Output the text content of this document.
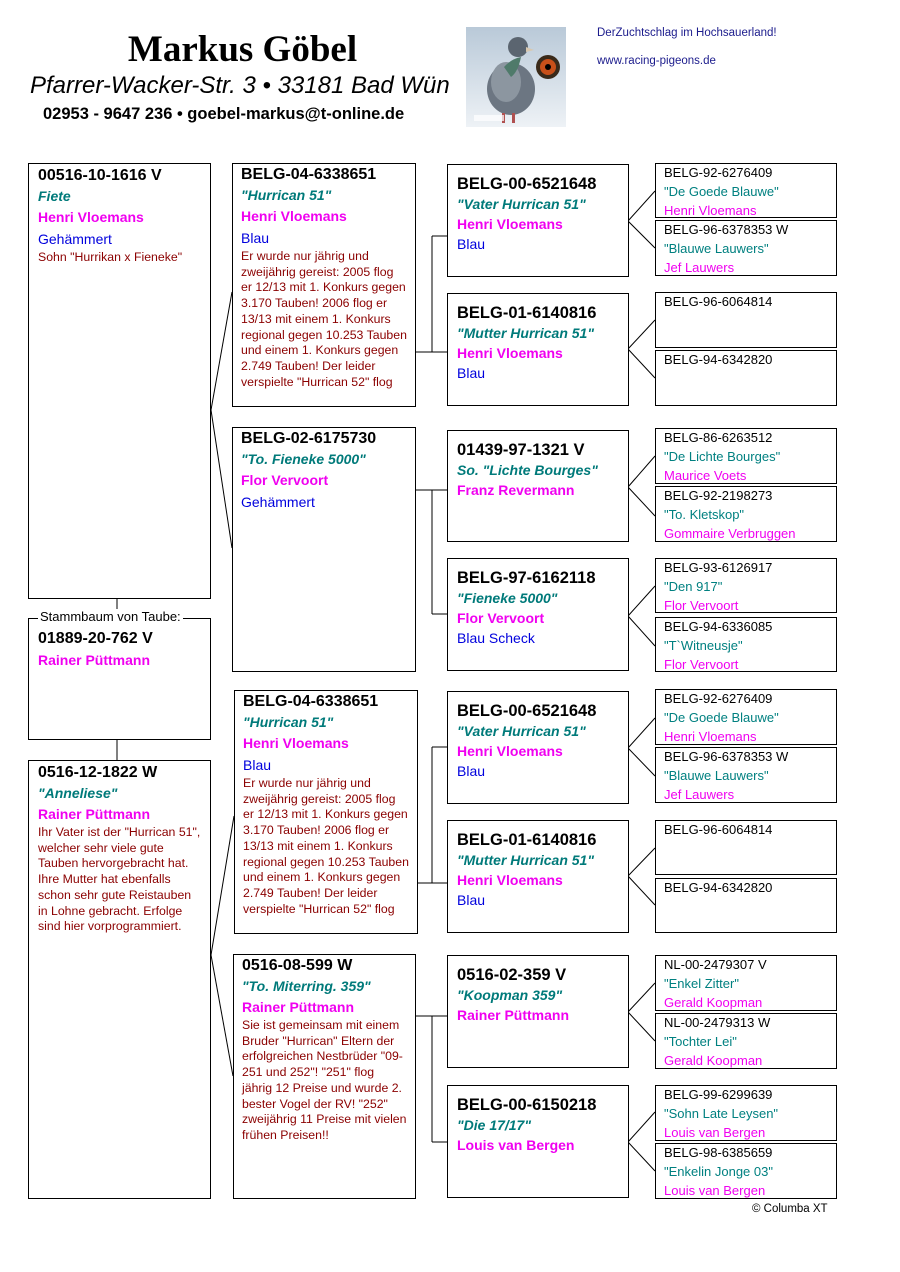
Markus Göbel
Pfarrer-Wacker-Str. 3 • 33181 Bad Wün
02953 - 9647 236 • goebel-markus@t-online.de
DerZuchtschlag im Hochsauerland!
www.racing-pigeons.de
00516-10-1616 V
Fiete
Henri Vloemans
Gehämmert
Sohn "Hurrikan x Fieneke"
Stammbaum von Taube:
01889-20-762 V
Rainer Püttmann
0516-12-1822 W
"Anneliese"
Rainer Püttmann
Ihr Vater ist der "Hurrican 51", welcher sehr viele gute Tauben hervorgebracht hat. Ihre Mutter hat ebenfalls schon sehr gute Reistauben in Lohne gebracht. Erfolge sind hier vorprogrammiert.
BELG-04-6338651
"Hurrican 51"
Henri Vloemans
Blau
Er wurde nur jährig und zweijährig gereist: 2005 flog er 12/13 mit 1. Konkurs gegen 3.170 Tauben! 2006 flog er 13/13 mit einem 1. Konkurs regional gegen 10.253 Tauben und einem 1. Konkurs gegen 2.749 Tauben! Der leider verspielte "Hurrican 52" flog
BELG-02-6175730
"To. Fieneke 5000"
Flor Vervoort
Gehämmert
BELG-04-6338651
"Hurrican 51"
Henri Vloemans
Blau
Er wurde nur jährig und zweijährig gereist: 2005 flog er 12/13 mit 1. Konkurs gegen 3.170 Tauben! 2006 flog er 13/13 mit einem 1. Konkurs regional gegen 10.253 Tauben und einem 1. Konkurs gegen 2.749 Tauben! Der leider verspielte "Hurrican 52" flog
0516-08-599 W
"To. Miterring. 359"
Rainer Püttmann
Sie ist gemeinsam mit einem Bruder "Hurrican" Eltern der erfolgreichen Nestbrüder "09-251 und 252"! "251" flog jährig 12 Preise und wurde 2. bester Vogel der RV! "252" zweijährig 11 Preise mit vielen frühen Preisen!!
BELG-00-6521648
"Vater Hurrican 51"
Henri Vloemans
Blau
BELG-01-6140816
"Mutter Hurrican 51"
Henri Vloemans
Blau
01439-97-1321 V
So. "Lichte Bourges"
Franz Revermann
BELG-97-6162118
"Fieneke 5000"
Flor Vervoort
Blau Scheck
BELG-00-6521648
"Vater Hurrican 51"
Henri Vloemans
Blau
BELG-01-6140816
"Mutter Hurrican 51"
Henri Vloemans
Blau
0516-02-359 V
"Koopman 359"
Rainer Püttmann
BELG-00-6150218
"Die 17/17"
Louis van Bergen
BELG-92-6276409
"De Goede Blauwe"
Henri Vloemans
BELG-96-6378353 W
"Blauwe Lauwers"
Jef Lauwers
BELG-96-6064814
BELG-94-6342820
BELG-86-6263512
"De Lichte Bourges"
Maurice Voets
BELG-92-2198273
"To. Kletskop"
Gommaire Verbruggen
BELG-93-6126917
"Den 917"
Flor Vervoort
BELG-94-6336085
"T`Witneusje"
Flor Vervoort
BELG-92-6276409
"De Goede Blauwe"
Henri Vloemans
BELG-96-6378353 W
"Blauwe Lauwers"
Jef Lauwers
BELG-96-6064814
BELG-94-6342820
NL-00-2479307 V
"Enkel Zitter"
Gerald Koopman
NL-00-2479313 W
"Tochter Lei"
Gerald Koopman
BELG-99-6299639
"Sohn Late Leysen"
Louis van Bergen
BELG-98-6385659
"Enkelin Jonge 03"
Louis van Bergen
© Columba XT
